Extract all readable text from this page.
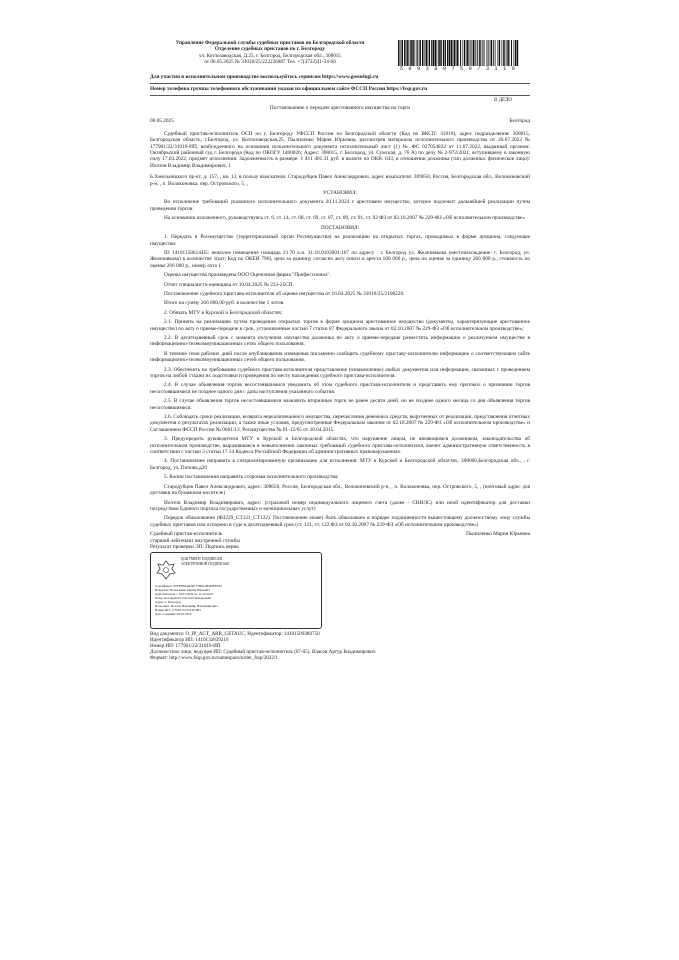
Управление Федеральной службы судебных приставов по Белгородской области
Отделение судебных приставов по г. Белгороду
ул. Котлозаводская, Д.25, г. Белгород, Белгородская обл., 308015
от 06.05.2025 № 31010/25/222226887 Тел. +7(4722)31-34-60
5 0 9 3 8 0 7 5 0 / 3 1 1 0
Для участия в исполнительном производстве воспользуйтесь сервисом https://www.gosuslugi.ru
Номер телефона группы телефонного обслуживания указан на официальном сайте ФССП России https://fssp.gov.ru
В ДЕЛО

Постановление о передаче арестованного имущества на торги

06.05.2025	Белгород

Судебный пристав-исполнитель ОСП по г. Белгороду УФССП России по Белгородской области (Код по ВКСП: 31010), адрес подразделения: 308015, Белгородская область, г.Белгород, ул. Котлозаводская,25, Пылиленко Мария Юрьевна, рассмотрев материалы исполнительного производства от 26.07.2022 № 177901/22/31010-ИП, возбужденного на основании исполнительного документа исполнительный лист (1) № ФС 037054832 от 11.07.2022, выданный органом: Октябрьский районный суд г. Белгорода (Код по ОКОГУ 1400026; Адрес: 308015, г. Белгород, ул. Сумская, д. 76 А) по делу № 2-972/2021, вступившему в законную силу 17.03.2022, предмет исполнения: Задолженность в размере: 1 411 401.31 руб. в валюте по ОКВ: 643, в отношении должника (тип должника: физическое лицо): Иолтов Владимир Владимирович, 1

Б.Хмельницкого пр-кт, д. 157, , кв. 13, в пользу взыскателя: Стародубцев Павел Александрович, адрес взыскателя: 309650, Россия, Белгородская обл., Волоконовский р-н, , п. Волоконовка, пер. Островского, 5, ,

УСТАНОВИЛ:

Во исполнение требований указанного исполнительного документа 20.11.2024 г арестовано имущество, которое подлежит дальнейшей реализации путем проведения торгов.

На основании изложенного, руководствуясь ст. 6, ст. 14, ст. 68, ст. 69, ст. 87, ст. 89, ст. 91, ст. 92 ФЗ от 02.10.2007 № 229-ФЗ «Об исполнительном производстве»

ПОСТАНОВИЛ:

1. Передать в Росимущество (территориальный орган Росимущества) на реализацию на открытых торгах, проводимых в форме аукциона, следующее имущество:

ID 141011586144l5: нежилое помещение площадь 21.70 к.н. 31:16.0103001:167 по адресу : г. Белгород ул. Железнякова (местонахождение: г. Белгород, ул. Железнякова) в количестве 1(шт; Код по ОКЕИ 796), цена за единицу согласно акту описи и ареста 100 000 р., цена по оценке за единицу 266 000 р., стоимость по оценке 266 000 р., номер лота 1

Оценка имущества произведена ООО Оценочная фирма "Профессионал".

Отчет специалиста-оценщика от 10.04.2025 № 233-25СП.

Постановление судебного пристава-исполнителя об оценке имущества от 16.04.2025 № 31010/25/2108220.

Итого на сумму 266 000,00 руб. в количестве 1 лотов.

2. Обязать МТУ в Курской и Белгородской областях:

2.1. Принять на реализацию путем проведения открытых торгов в форме аукциона арестованное имущество (документы, характеризующие арестованное имущество) по акту о приеме-передаче в срок, установленные частью 7 статьи 87 Федерального закона от 02.10.2007 № 229-ФЗ «Об исполнительном производстве»;

2.2. В десятидневный срок с момента получения имущества должника по акту о приеме-передаче разместить информацию о реализуемом имуществе в информационно-телекоммуникационных сетях общего пользования.

В течение семи рабочих дней после опубликования извещения письменно сообщить судебному приставу-исполнителю информацию о соответствующем сайте информационно-телекоммуникационных сетей общего пользования.

2.3. Обеспечить по требованию судебного пристава-исполнителя представление (ознакомление) любых документов или информации, связанных с проведением торгов на любой стадии их подготовки и проведения по месту нахождения судебного пристава-исполнителя.

2.4. В случае объявления торгов несостоявшимися уведомить об этом судебного пристава-исполнителя и представить ему протокол о признании торгов несостоявшимися не позднее одного дня с даты наступления указанного события.

2.5. В случае объявления торгов несостоявшимися назначить вторичные торги не ранее десяти дней, но не позднее одного месяца со дня объявления торгов несостоявшимися.

2.6. Соблюдать сроки реализации, возврата нереализованного имущества, перечисления денежных средств, вырученных от реализации, представления отчетных документов о результатах реализации, а также иные условия, предусмотренные Федеральным законом от 02.10.2007 № 229-ФЗ «Об исполнительном производстве» и Соглашением ФССП России № 0001/13, Росимущества № 01-12/65 от 30.04.2015.

3. Предупредить руководителя МТУ в Курской и Белгородской областях, что нарушение лицом, не являющимся должником, законодательства об исполнительном производстве, выразившееся в невыполнении законных требований судебного пристава-исполнителя, влечет административную ответственность в соответствии с частью 3 статьи 17.14 Кодекса Российской Федерации об административных правонарушениях.

4. Постановление направить в специализированную организацию для исполнения: МТУ в Курской и Белгородской областях, 308000,Белгородская обл., , г. Белгород, ул. Попова,д20

5. Копии постановления направить сторонам исполнительного производства:

Стародубцев Павел Александрович, адрес: 309650, Россия, Белгородская обл., Волоконовский р-н, , п. Волоконовка, пер. Островского, 5, , (почтовый адрес для доставки на бумажном носителе)

Иолтов Владимир Владимирович, адрес: (страховой номер индивидуального лицевого счета (далее - СНИЛС) или иной идентификатор для доставки посредством Единого портала государственных и муниципальных услуг)

Порядок обжалования (ФЗ229_СТ121_СТ122). Постановление может быть обжаловано в порядке подчиненности вышестоящему должностному лицу службы судебных приставов или оспорено в суде в десятидневный срок (ст. 121, ст. 122 ФЗ от 02.10.2007 № 229-ФЗ «Об исполнительном производстве»)

Судебный пристав-исполнитель	Пылиленко Мария Юрьевна
старший лейтенант внутренней службы
Результат проверки ЭП: Подпись верна
ДОКУМЕНТ ПОДПИСАН
ЭЛЕКТРОННОЙ ПОДПИСЬЮ
Сертификат: 00FE0BA4926C77B6C0E6DEB5F2
Владелец: Пылиленко Мария Юрьевна
Действителен: с 19.07.2024 по 12.10.2025
Кому: Котоврин Ростислав Геннадьевич
Адрес: г. Белгород
Исполнил: Иолтов Владимир Владимирович
Номер ИП: 177901/22/31010-ИП
Дата создания: 06.05.2025
Вид документа: O_IP_ACT_ARR_GETAUC, Идентификатор: 14101509380750
Идентификатор ИП: 1410132839216
Номер ИП: 177901/22/31010-ИП
Должностное лицо, ведущее ИП: Судебный пристав-исполнитель (07-05), Власов Артур Владимирович
Формат: http://www.fssp.gov.ru/namespace/order_fssp/2022/1
